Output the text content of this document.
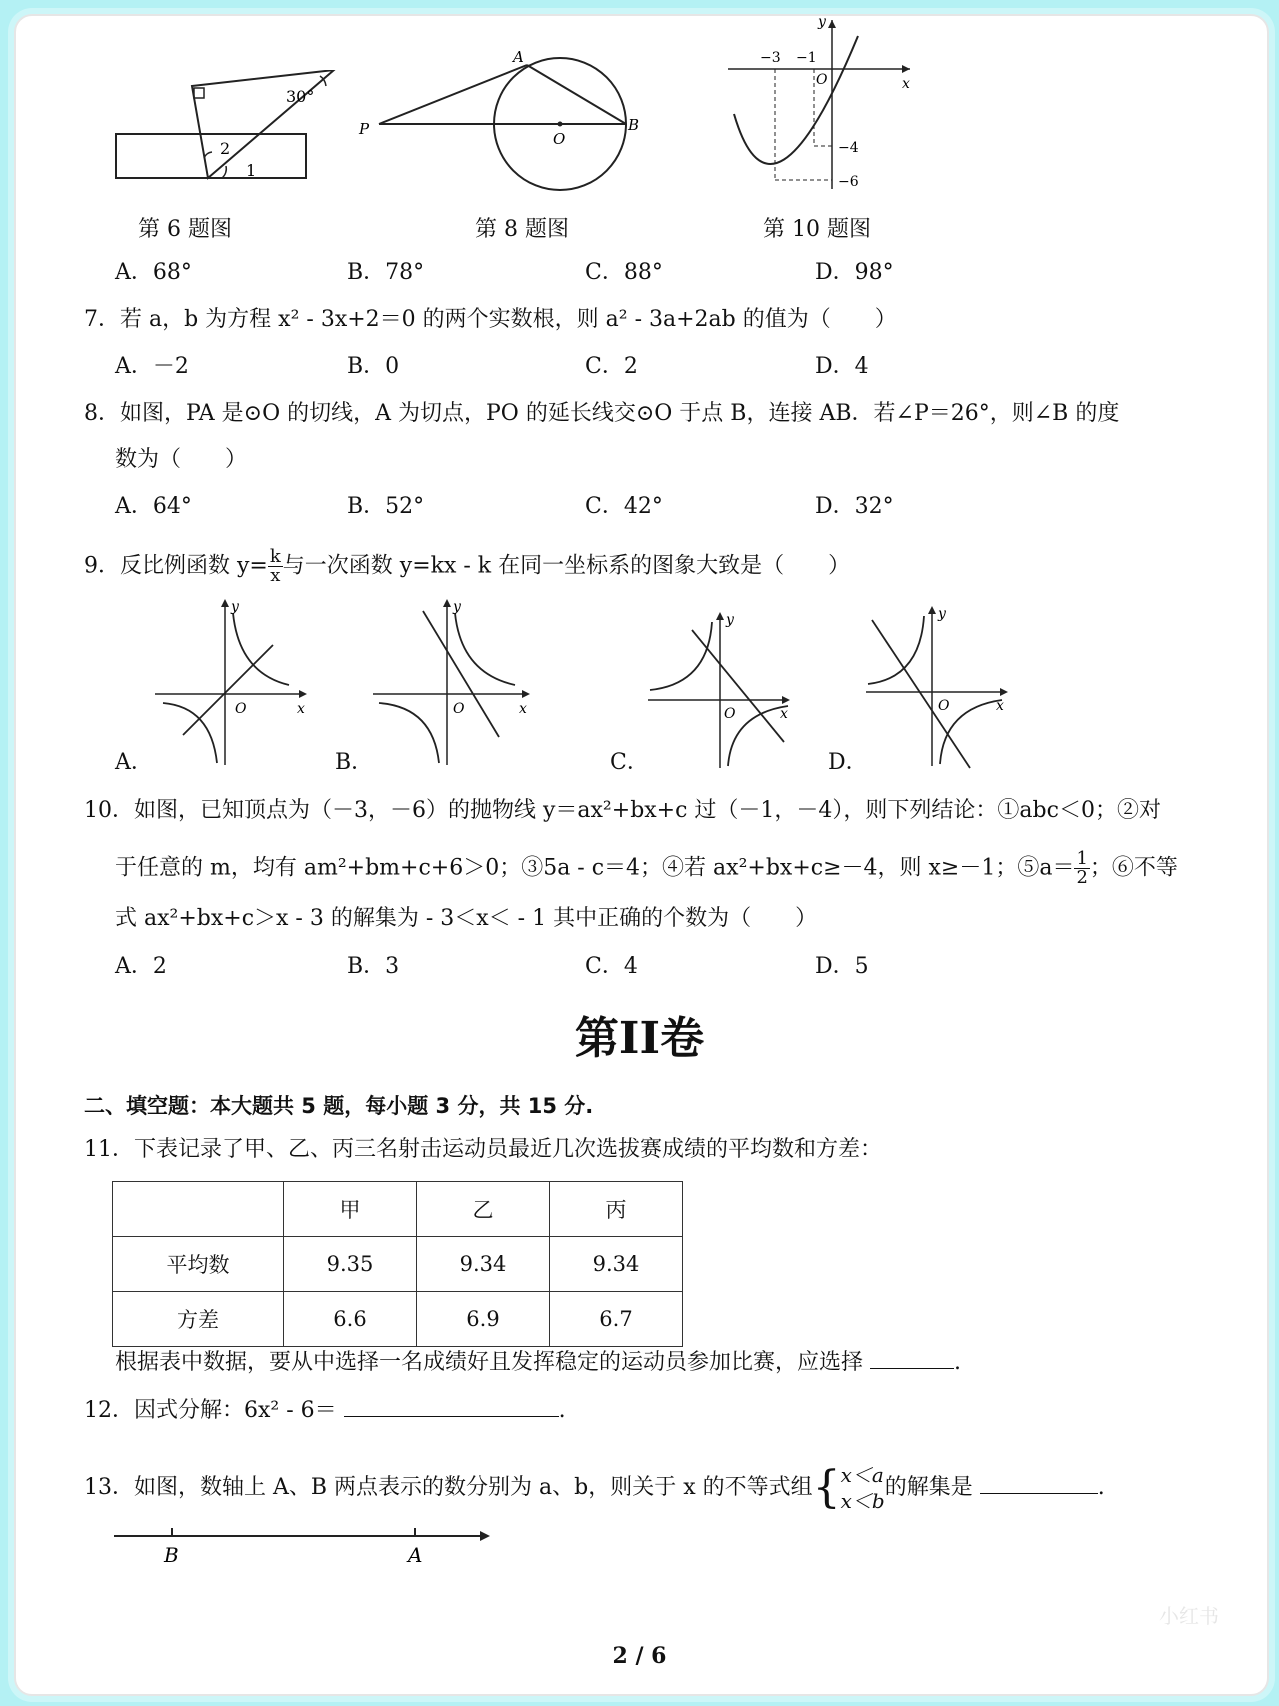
30°
2
1
第 6 题图
A
B
P
O
第 8 题图
−3 −1
O	x
y
−4
−6
第 10 题图
A．68°	B．78°	C．88°	D．98°
7．若 a，b 为方程 x² - 3x+2＝0 的两个实数根，则 a² - 3a+2ab 的值为（　　）
A．－2	B．0	C．2	D．4
8．如图，PA 是⊙O 的切线，A 为切点，PO 的延长线交⊙O 于点 B，连接 AB．若∠P＝26°，则∠B 的度
数为（　　）
A．64°	B．52°	C．42°	D．32°
9．反比例函数 $y= \frac{k}{x}$ 与一次函数 y=kx - k 在同一坐标系的图象大致是（　　）
O	x
y
A．
O	x
y
B．
O	x
y
C．
O	x
y
D．
10．如图，已知顶点为（－3，－6）的抛物线 y＝ax²+bx+c 过（－1，－4），则下列结论：①abc＜0；②对
于任意的 m，均有 am²+bm+c+6＞0；③5a - c＝4；④若 ax²+bx+c≥－4，则 x≥－1；⑤a＝ $\frac{1}{2}$ ；⑥不等
式 ax²+bx+c＞x - 3 的解集为 - 3＜x＜ - 1 其中正确的个数为（　　）
A．2	B．3	C．4	D．5
第II卷
二、填空题：本大题共 5 题，每小题 3 分，共 15 分.
11．下表记录了甲、乙、丙三名射击运动员最近几次选拔赛成绩的平均数和方差：
	甲	乙	丙
平均数	9.35	9.34	9.34
方差	6.6	6.9	6.7
根据表中数据，要从中选择一名成绩好且发挥稳定的运动员参加比赛，应选择	.
12．因式分解：6x² - 6＝	.
13．如图，数轴上 A、B 两点表示的数分别为 a、b，则关于 x 的不等式组{ x＜a
x＜b
的解集是	.
B	A
2 / 6
小红书
